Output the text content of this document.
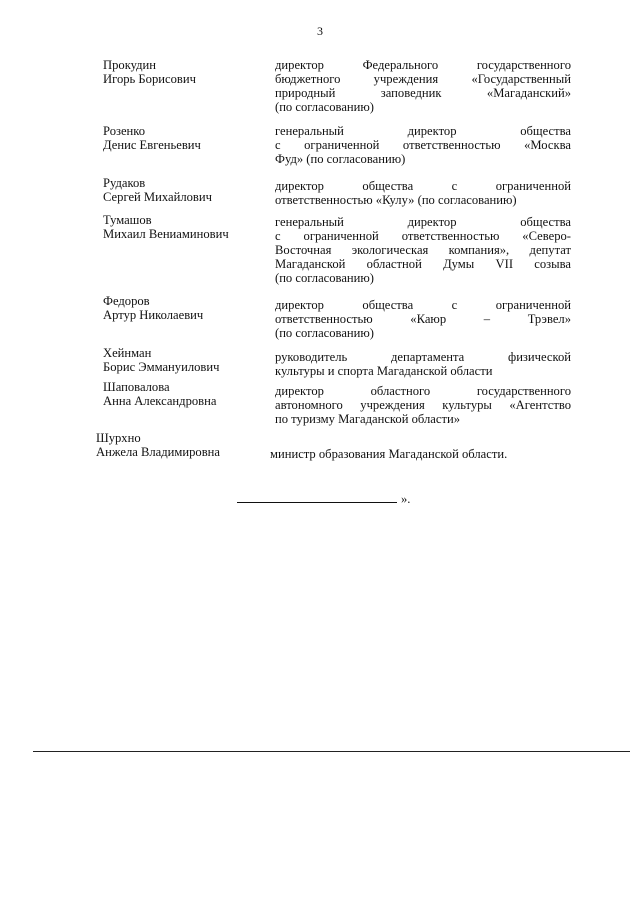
3
Прокудин
Игорь Борисович
директор Федерального государственного
бюджетного учреждения «Государственный
природный заповедник «Магаданский»
(по согласованию)
Розенко
Денис Евгеньевич
генеральный директор общества
с ограниченной ответственностью «Москва
Фуд» (по согласованию)
Рудаков
Сергей Михайлович
директор общества с ограниченной
ответственностью «Кулу» (по согласованию)
Тумашов
Михаил Вениаминович
генеральный директор общества
с ограниченной ответственностью «Северо-
Восточная экологическая компания», депутат
Магаданской областной Думы VII созыва
(по согласованию)
Федоров
Артур Николаевич
директор общества с ограниченной
ответственностью «Каюр – Трэвел»
(по согласованию)
Хейнман
Борис Эммануилович
руководитель департамента физической
культуры и спорта Магаданской области
Шаповалова
Анна Александровна
директор областного государственного
автономного учреждения культуры «Агентство
по туризму Магаданской области»
Шурхно
Анжела Владимировна	министр образования Магаданской области.
».
